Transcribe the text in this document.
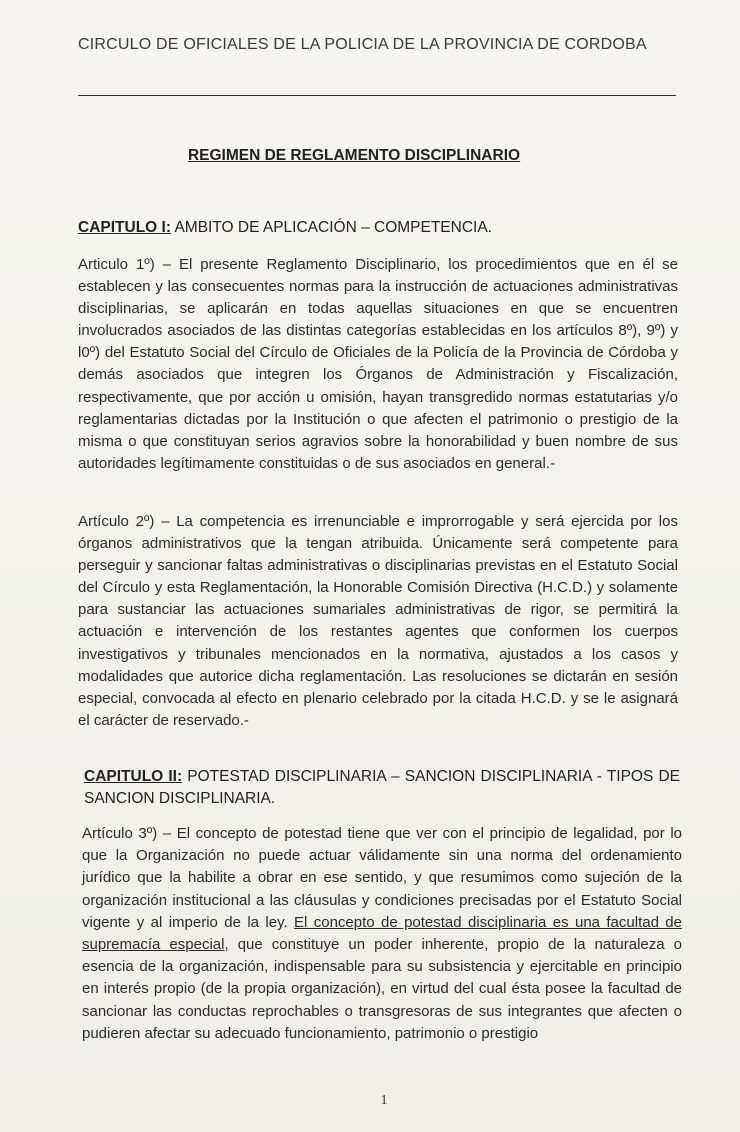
CIRCULO DE OFICIALES DE LA POLICIA DE LA PROVINCIA DE CORDOBA
REGIMEN DE REGLAMENTO DISCIPLINARIO
CAPITULO I: AMBITO DE APLICACIÓN – COMPETENCIA.
Articulo 1º) – El presente Reglamento Disciplinario, los procedimientos que en él se establecen y las consecuentes normas para la instrucción de actuaciones administrativas disciplinarias, se aplicarán en todas aquellas situaciones en que se encuentren involucrados asociados de las distintas categorías establecidas en los artículos 8º), 9º) y l0º) del Estatuto Social del Círculo de Oficiales de la Policía de la Provincia de Córdoba y demás asociados que integren los Órganos de Administración y Fiscalización, respectivamente, que por acción u omisión, hayan transgredido normas estatutarias y/o reglamentarias dictadas por la Institución o que afecten el patrimonio o prestigio de la misma o que constituyan serios agravios sobre la honorabilidad y buen nombre de sus autoridades legítimamente constituidas o de sus asociados en general.-
Artículo 2º) – La competencia es irrenunciable e improrrogable y será ejercida por los órganos administrativos que la tengan atribuida. Únicamente será competente para perseguir y sancionar faltas administrativas o disciplinarias previstas en el Estatuto Social del Círculo y esta Reglamentación, la Honorable Comisión Directiva (H.C.D.) y solamente para sustanciar las actuaciones sumariales administrativas de rigor, se permitirá la actuación e intervención de los restantes agentes que conformen los cuerpos investigativos y tribunales mencionados en la normativa, ajustados a los casos y modalidades que autorice dicha reglamentación. Las resoluciones se dictarán en sesión especial, convocada al efecto en plenario celebrado por la citada H.C.D. y se le asignará el carácter de reservado.-
CAPITULO II: POTESTAD DISCIPLINARIA – SANCION DISCIPLINARIA - TIPOS DE SANCION DISCIPLINARIA.
Artículo 3º) – El concepto de potestad tiene que ver con el principio de legalidad, por lo que la Organización no puede actuar válidamente sin una norma del ordenamiento jurídico que la habilite a obrar en ese sentido, y que resumimos como sujeción de la organización institucional a las cláusulas y condiciones precisadas por el Estatuto Social vigente y al imperio de la ley. El concepto de potestad disciplinaria es una facultad de supremacía especial, que constituye un poder inherente, propio de la naturaleza o esencia de la organización, indispensable para su subsistencia y ejercitable en principio en interés propio (de la propia organización), en virtud del cual ésta posee la facultad de sancionar las conductas reprochables o transgresoras de sus integrantes que afecten o pudieren afectar su adecuado funcionamiento, patrimonio o prestigio
1
